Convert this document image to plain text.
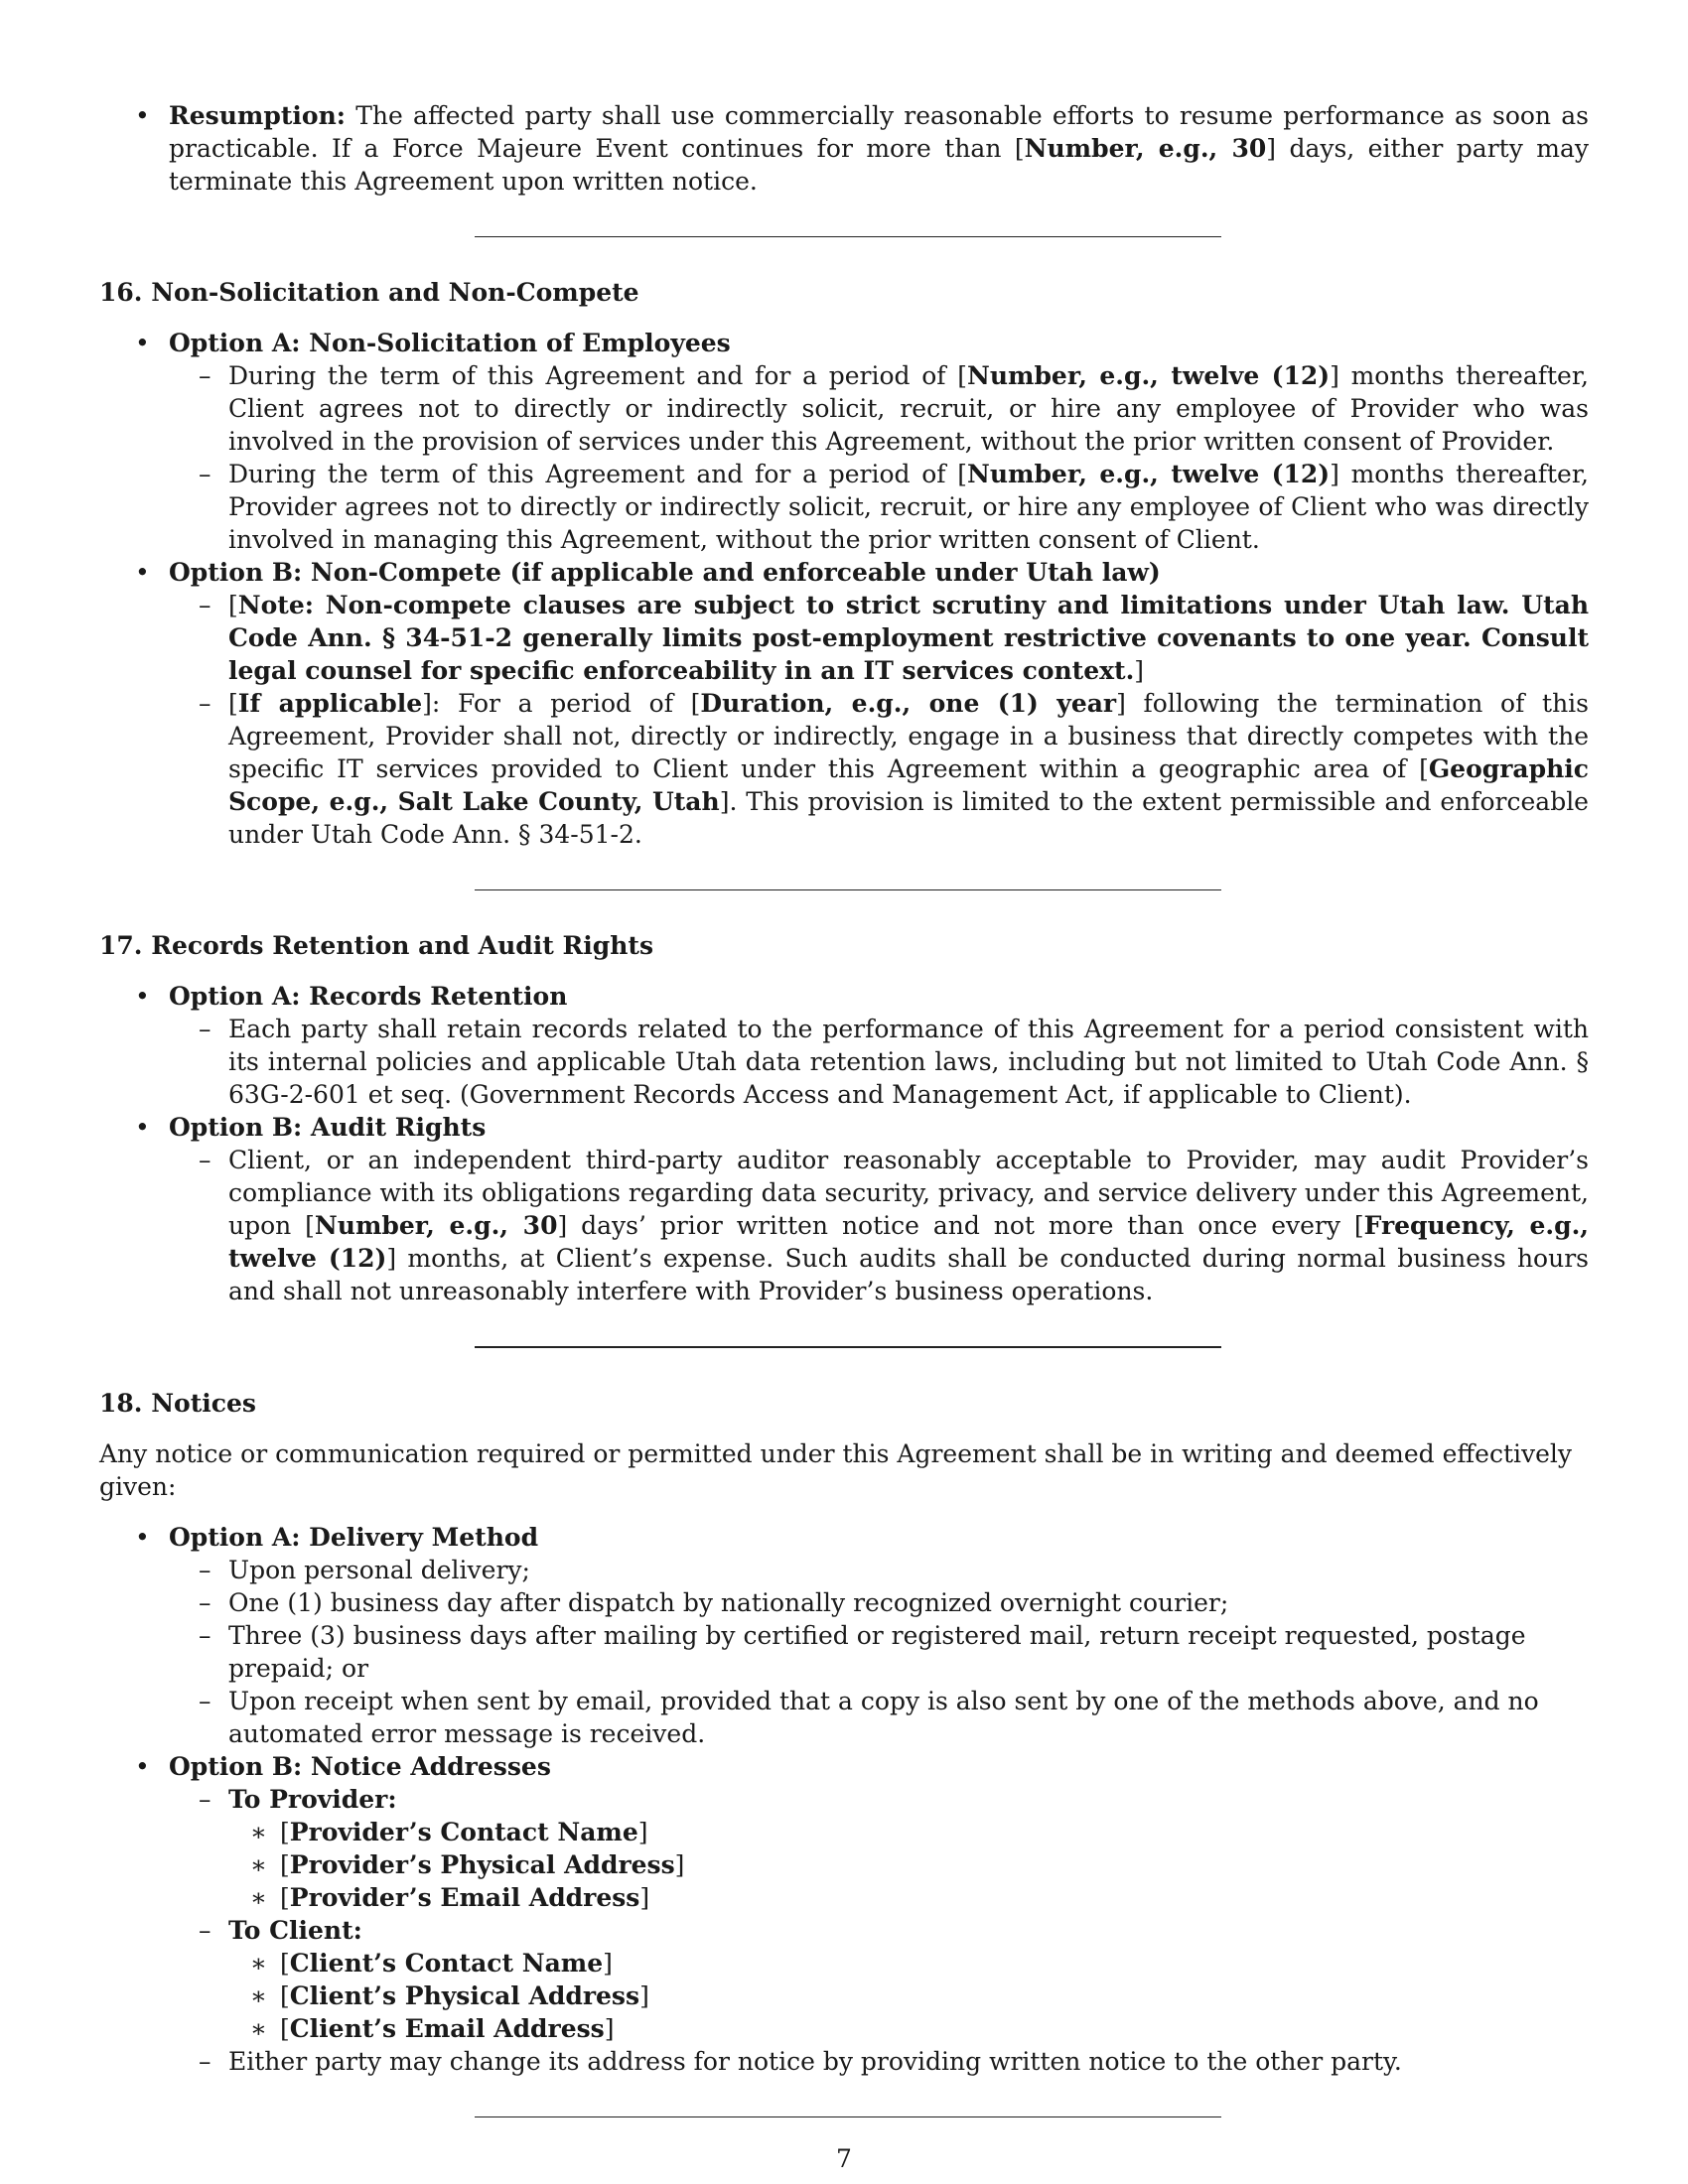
• Resumption: The affected party shall use commercially reasonable efforts to resume performance as soon as practicable. If a Force Majeure Event continues for more than [Number, e.g., 30] days, either party may terminate this Agreement upon written notice.

16. Non-Solicitation and Non-Compete

• Option A: Non-Solicitation of Employees

– During the term of this Agreement and for a period of [Number, e.g., twelve (12)] months thereafter, Client agrees not to directly or indirectly solicit, recruit, or hire any employee of Provider who was involved in the provision of services under this Agreement, without the prior written consent of Provider.

– During the term of this Agreement and for a period of [Number, e.g., twelve (12)] months thereafter, Provider agrees not to directly or indirectly solicit, recruit, or hire any employee of Client who was directly involved in managing this Agreement, without the prior written consent of Client.

• Option B: Non-Compete (if applicable and enforceable under Utah law)

– [Note: Non-compete clauses are subject to strict scrutiny and limitations under Utah law. Utah Code Ann. § 34-51-2 generally limits post-employment restrictive covenants to one year. Consult legal counsel for specific enforceability in an IT services context.]

– [If applicable]: For a period of [Duration, e.g., one (1) year] following the termination of this Agreement, Provider shall not, directly or indirectly, engage in a business that directly competes with the specific IT services provided to Client under this Agreement within a geographic area of [Geographic Scope, e.g., Salt Lake County, Utah]. This provision is limited to the extent permissible and enforceable under Utah Code Ann. § 34-51-2.

17. Records Retention and Audit Rights

• Option A: Records Retention

– Each party shall retain records related to the performance of this Agreement for a period consistent with its internal policies and applicable Utah data retention laws, including but not limited to Utah Code Ann. § 63G-2-601 et seq. (Government Records Access and Management Act, if applicable to Client).

• Option B: Audit Rights

– Client, or an independent third-party auditor reasonably acceptable to Provider, may audit Provider’s compliance with its obligations regarding data security, privacy, and service delivery under this Agreement, upon [Number, e.g., 30] days’ prior written notice and not more than once every [Frequency, e.g., twelve (12)] months, at Client’s expense. Such audits shall be conducted during normal business hours and shall not unreasonably interfere with Provider’s business operations.

18. Notices

Any notice or communication required or permitted under this Agreement shall be in writing and deemed effectively given:

• Option A: Delivery Method

– Upon personal delivery;

– One (1) business day after dispatch by nationally recognized overnight courier;

– Three (3) business days after mailing by certified or registered mail, return receipt requested, postage prepaid; or

– Upon receipt when sent by email, provided that a copy is also sent by one of the methods above, and no automated error message is received.

• Option B: Notice Addresses

– To Provider:

∗ [Provider’s Contact Name]

∗ [Provider’s Physical Address]

∗ [Provider’s Email Address]

– To Client:

∗ [Client’s Contact Name]

∗ [Client’s Physical Address]

∗ [Client’s Email Address]

– Either party may change its address for notice by providing written notice to the other party.

7
